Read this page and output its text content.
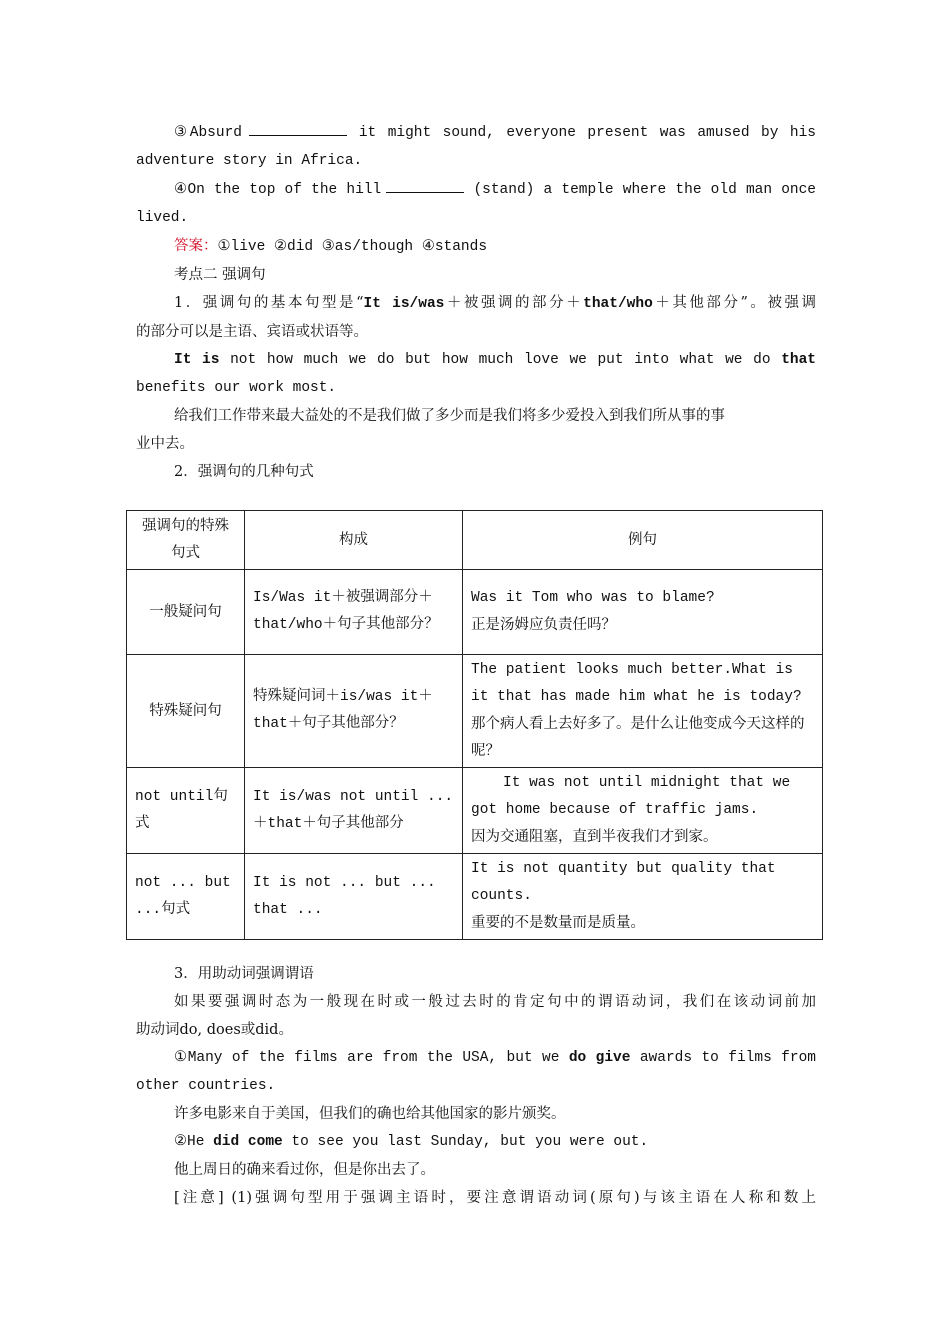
③Absurd	it might sound, everyone present was amused by his

adventure story in Africa.

④On the top of the hill	(stand) a temple where the old man once

lived.

答案：①live ②did ③as/though ④stands

考点二 强调句

1．强调句的基本句型是“It is/was＋被强调的部分＋that/who＋其他部分”。被强调

的部分可以是主语、宾语或状语等。

It is not how much we do but how much love we put into what we do that

benefits our work most.

给我们工作带来最大益处的不是我们做了多少而是我们将多少爱投入到我们所从事的事

业中去。

2．强调句的几种句式

强调句的特殊句式	构成	例句
一般疑问句	Is/Was it＋被强调部分＋that/who＋句子其他部分？	Was it Tom who was to blame?
正是汤姆应负责任吗？

特殊疑问句	特殊疑问词＋is/was it＋that＋句子其他部分？	The patient looks much better.What is it that has made him what he is today?
那个病人看上去好多了。是什么让他变成今天这样的呢？

not until句式	It is/was not until ...＋that＋句子其他部分	It was not until midnight that we got home because of traffic jams.
因为交通阻塞，直到半夜我们才到家。

not ... but ...句式	It is not ... but ... that ...	It is not quantity but quality that counts.
重要的不是数量而是质量。

3．用助动词强调谓语

如果要强调时态为一般现在时或一般过去时的肯定句中的谓语动词，我们在该动词前加

助动词do, does或did。

①Many of the films are from the USA, but we do give awards to films from

other countries.

许多电影来自于美国，但我们的确也给其他国家的影片颁奖。

②He did come to see you last Sunday, but you were out.

他上周日的确来看过你，但是你出去了。

[注意] (1)强调句型用于强调主语时，要注意谓语动词(原句)与该主语在人称和数上
